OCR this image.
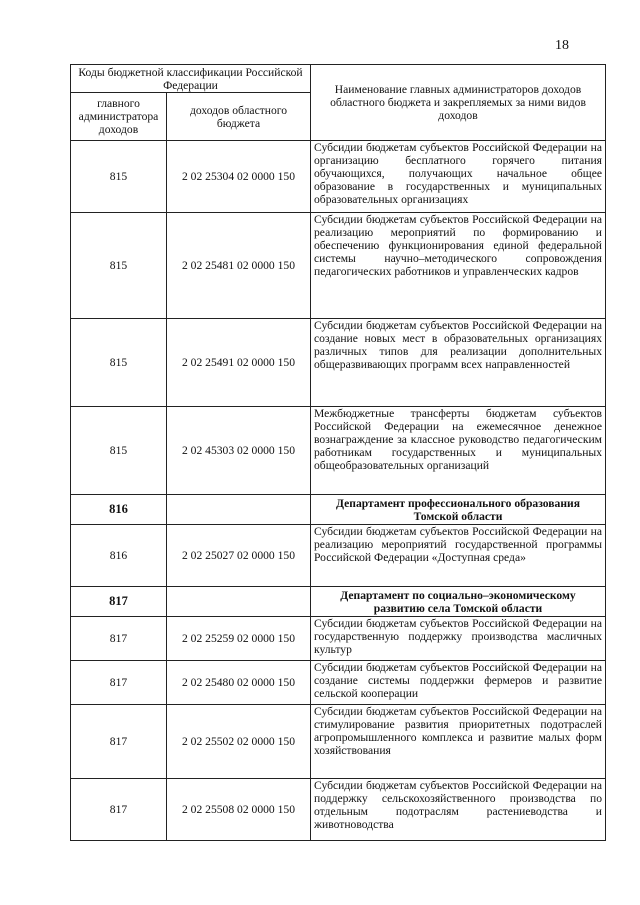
18
Коды бюджетной классификации Российской Федерации		Наименование главных администраторов доходов областного бюджета и закрепляемых за ними видов доходов
главного администратора доходов	доходов областного бюджета	
815	2 02 25304 02 0000 150	Субсидии бюджетам субъектов Российской Федерации на организацию бесплатного горячего питания обучающихся, получающих начальное общее образование в государственных и муниципальных образовательных организациях
815	2 02 25481 02 0000 150	Субсидии бюджетам субъектов Российской Федерации на реализацию мероприятий по формированию и обеспечению функционирования единой федеральной системы научно–методического сопровождения педагогических работников и управленческих кадров
815	2 02 25491 02 0000 150	Субсидии бюджетам субъектов Российской Федерации на создание новых мест в образовательных организациях различных типов для реализации дополнительных общеразвивающих программ всех направленностей
815	2 02 45303 02 0000 150	Межбюджетные трансферты бюджетам субъектов Российской Федерации на ежемесячное денежное вознаграждение за классное руководство педагогическим работникам государственных и муниципальных общеобразовательных организаций
816		Департамент профессионального образования Томской области
816	2 02 25027 02 0000 150	Субсидии бюджетам субъектов Российской Федерации на реализацию мероприятий государственной программы Российской Федерации «Доступная среда»
817		Департамент по социально–экономическому развитию села Томской области
817	2 02 25259 02 0000 150	Субсидии бюджетам субъектов Российской Федерации на государственную поддержку производства масличных культур
817	2 02 25480 02 0000 150	Субсидии бюджетам субъектов Российской Федерации на создание системы поддержки фермеров и развитие сельской кооперации
817	2 02 25502 02 0000 150	Субсидии бюджетам субъектов Российской Федерации на стимулирование развития приоритетных подотраслей агропромышленного комплекса и развитие малых форм хозяйствования
817	2 02 25508 02 0000 150	Субсидии бюджетам субъектов Российской Федерации на поддержку сельскохозяйственного производства по отдельным подотраслям растениеводства и животноводства
